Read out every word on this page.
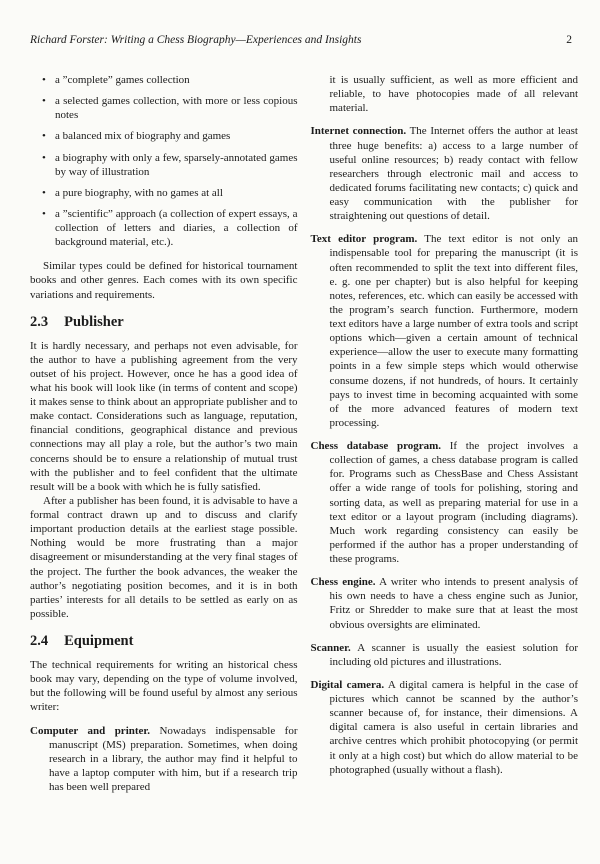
Richard Forster: Writing a Chess Biography—Experiences and Insights	2
• a ”complete” games collection
• a selected games collection, with more or less copious notes
• a balanced mix of biography and games
• a biography with only a few, sparsely-annotated games by way of illustration
• a pure biography, with no games at all
• a ”scientific” approach (a collection of expert essays, a collection of letters and diaries, a collection of background material, etc.).

Similar types could be defined for historical tournament books and other genres. Each comes with its own specific variations and requirements.

2.3 Publisher

It is hardly necessary, and perhaps not even advisable, for the author to have a publishing agreement from the very outset of his project. However, once he has a good idea of what his book will look like (in terms of content and scope) it makes sense to think about an appropriate publisher and to make contact. Considerations such as language, reputation, financial conditions, geographical distance and previous connections may all play a role, but the author’s two main concerns should be to ensure a relationship of mutual trust with the publisher and to feel confident that the ultimate result will be a book with which he is fully satisfied.

After a publisher has been found, it is advisable to have a formal contract drawn up and to discuss and clarify important production details at the earliest stage possible. Nothing would be more frustrating than a major disagreement or misunderstanding at the very final stages of the project. The further the book advances, the weaker the author’s negotiating position becomes, and it is in both parties’ interests for all details to be settled as early on as possible.

2.4 Equipment

The technical requirements for writing an historical chess book may vary, depending on the type of volume involved, but the following will be found useful by almost any serious writer:

Computer and printer. Nowadays indispensable for manuscript (MS) preparation. Sometimes, when doing research in a library, the author may find it helpful to have a laptop computer with him, but if a research trip has been well prepared

it is usually sufficient, as well as more efficient and reliable, to have photocopies made of all relevant material.

Internet connection. The Internet offers the author at least three huge benefits: a) access to a large number of useful online resources; b) ready contact with fellow researchers through electronic mail and access to dedicated forums facilitating new contacts; c) quick and easy communication with the publisher for straightening out questions of detail.
Text editor program. The text editor is not only an indispensable tool for preparing the manuscript (it is often recommended to split the text into different files, e. g. one per chapter) but is also helpful for keeping notes, references, etc. which can easily be accessed with the program’s search function. Furthermore, modern text editors have a large number of extra tools and script options which—given a certain amount of technical experience—allow the user to execute many formatting points in a few simple steps which would otherwise consume dozens, if not hundreds, of hours. It certainly pays to invest time in becoming acquainted with some of the more advanced features of modern text processing.
Chess database program. If the project involves a collection of games, a chess database program is called for. Programs such as ChessBase and Chess Assistant offer a wide range of tools for polishing, storing and sorting data, as well as preparing material for use in a text editor or a layout program (including diagrams). Much work regarding consistency can easily be performed if the author has a proper understanding of these programs.
Chess engine. A writer who intends to present analysis of his own needs to have a chess engine such as Junior, Fritz or Shredder to make sure that at least the most obvious oversights are eliminated.
Scanner. A scanner is usually the easiest solution for including old pictures and illustrations.
Digital camera. A digital camera is helpful in the case of pictures which cannot be scanned by the author’s scanner because of, for instance, their dimensions. A digital camera is also useful in certain libraries and archive centres which prohibit photocopying (or permit it only at a high cost) but which do allow material to be photographed (usually without a flash).
